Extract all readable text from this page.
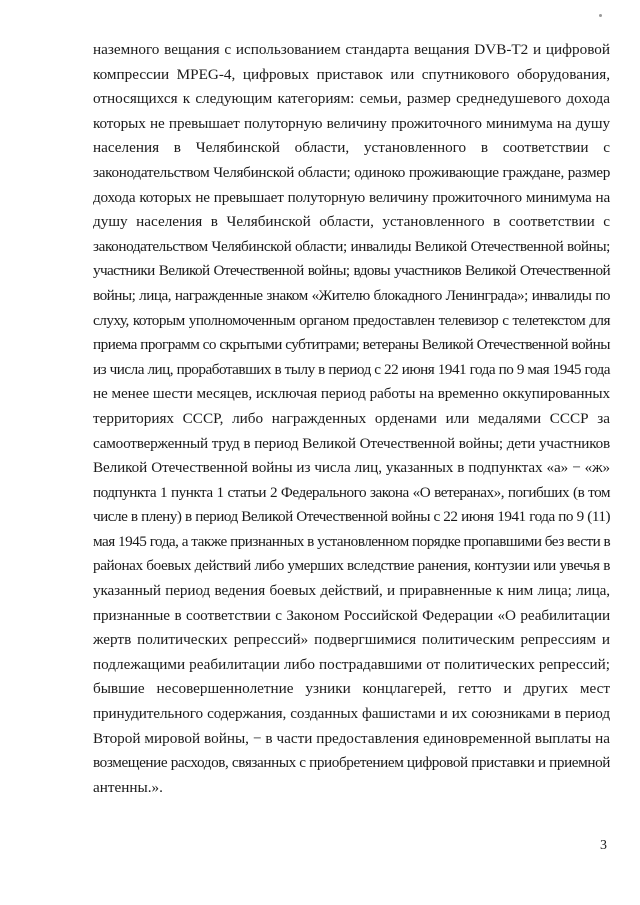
наземного вещания с использованием стандарта вещания DVB-T2 и цифровой
компрессии MPEG-4, цифровых приставок или спутникового оборудования,
относящихся к следующим категориям: семьи, размер среднедушевого дохода
которых не превышает полуторную величину прожиточного минимума на душу
населения в Челябинской области, установленного в соответствии с
законодательством Челябинской области; одиноко проживающие граждане, размер
дохода которых не превышает полуторную величину прожиточного минимума на
душу населения в Челябинской области, установленного в соответствии с
законодательством Челябинской области; инвалиды Великой Отечественной войны;
участники Великой Отечественной войны; вдовы участников Великой Отечественной
войны; лица, награжденные знаком «Жителю блокадного Ленинграда»; инвалиды по
слуху, которым уполномоченным органом предоставлен телевизор с телетекстом для
приема программ со скрытыми субтитрами; ветераны Великой Отечественной войны
из числа лиц, проработавших в тылу в период с 22 июня 1941 года по 9 мая 1945 года
не менее шести месяцев, исключая период работы на временно оккупированных
территориях СССР, либо награжденных орденами или медалями СССР за
самоотверженный труд в период Великой Отечественной войны; дети участников
Великой Отечественной войны из числа лиц, указанных в подпунктах «а» − «ж»
подпункта 1 пункта 1 статьи 2 Федерального закона «О ветеранах», погибших (в том
числе в плену) в период Великой Отечественной войны с 22 июня 1941 года по 9 (11)
мая 1945 года, а также признанных в установленном порядке пропавшими без вести в
районах боевых действий либо умерших вследствие ранения, контузии или увечья в
указанный период ведения боевых действий, и приравненные к ним лица; лица,
признанные в соответствии с Законом Российской Федерации «О реабилитации
жертв политических репрессий» подвергшимися политическим репрессиям и
подлежащими реабилитации либо пострадавшими от политических репрессий;
бывшие несовершеннолетние узники концлагерей, гетто и других мест
принудительного содержания, созданных фашистами и их союзниками в период
Второй мировой войны, − в части предоставления единовременной выплаты на
возмещение расходов, связанных с приобретением цифровой приставки и приемной
антенны.».
3
